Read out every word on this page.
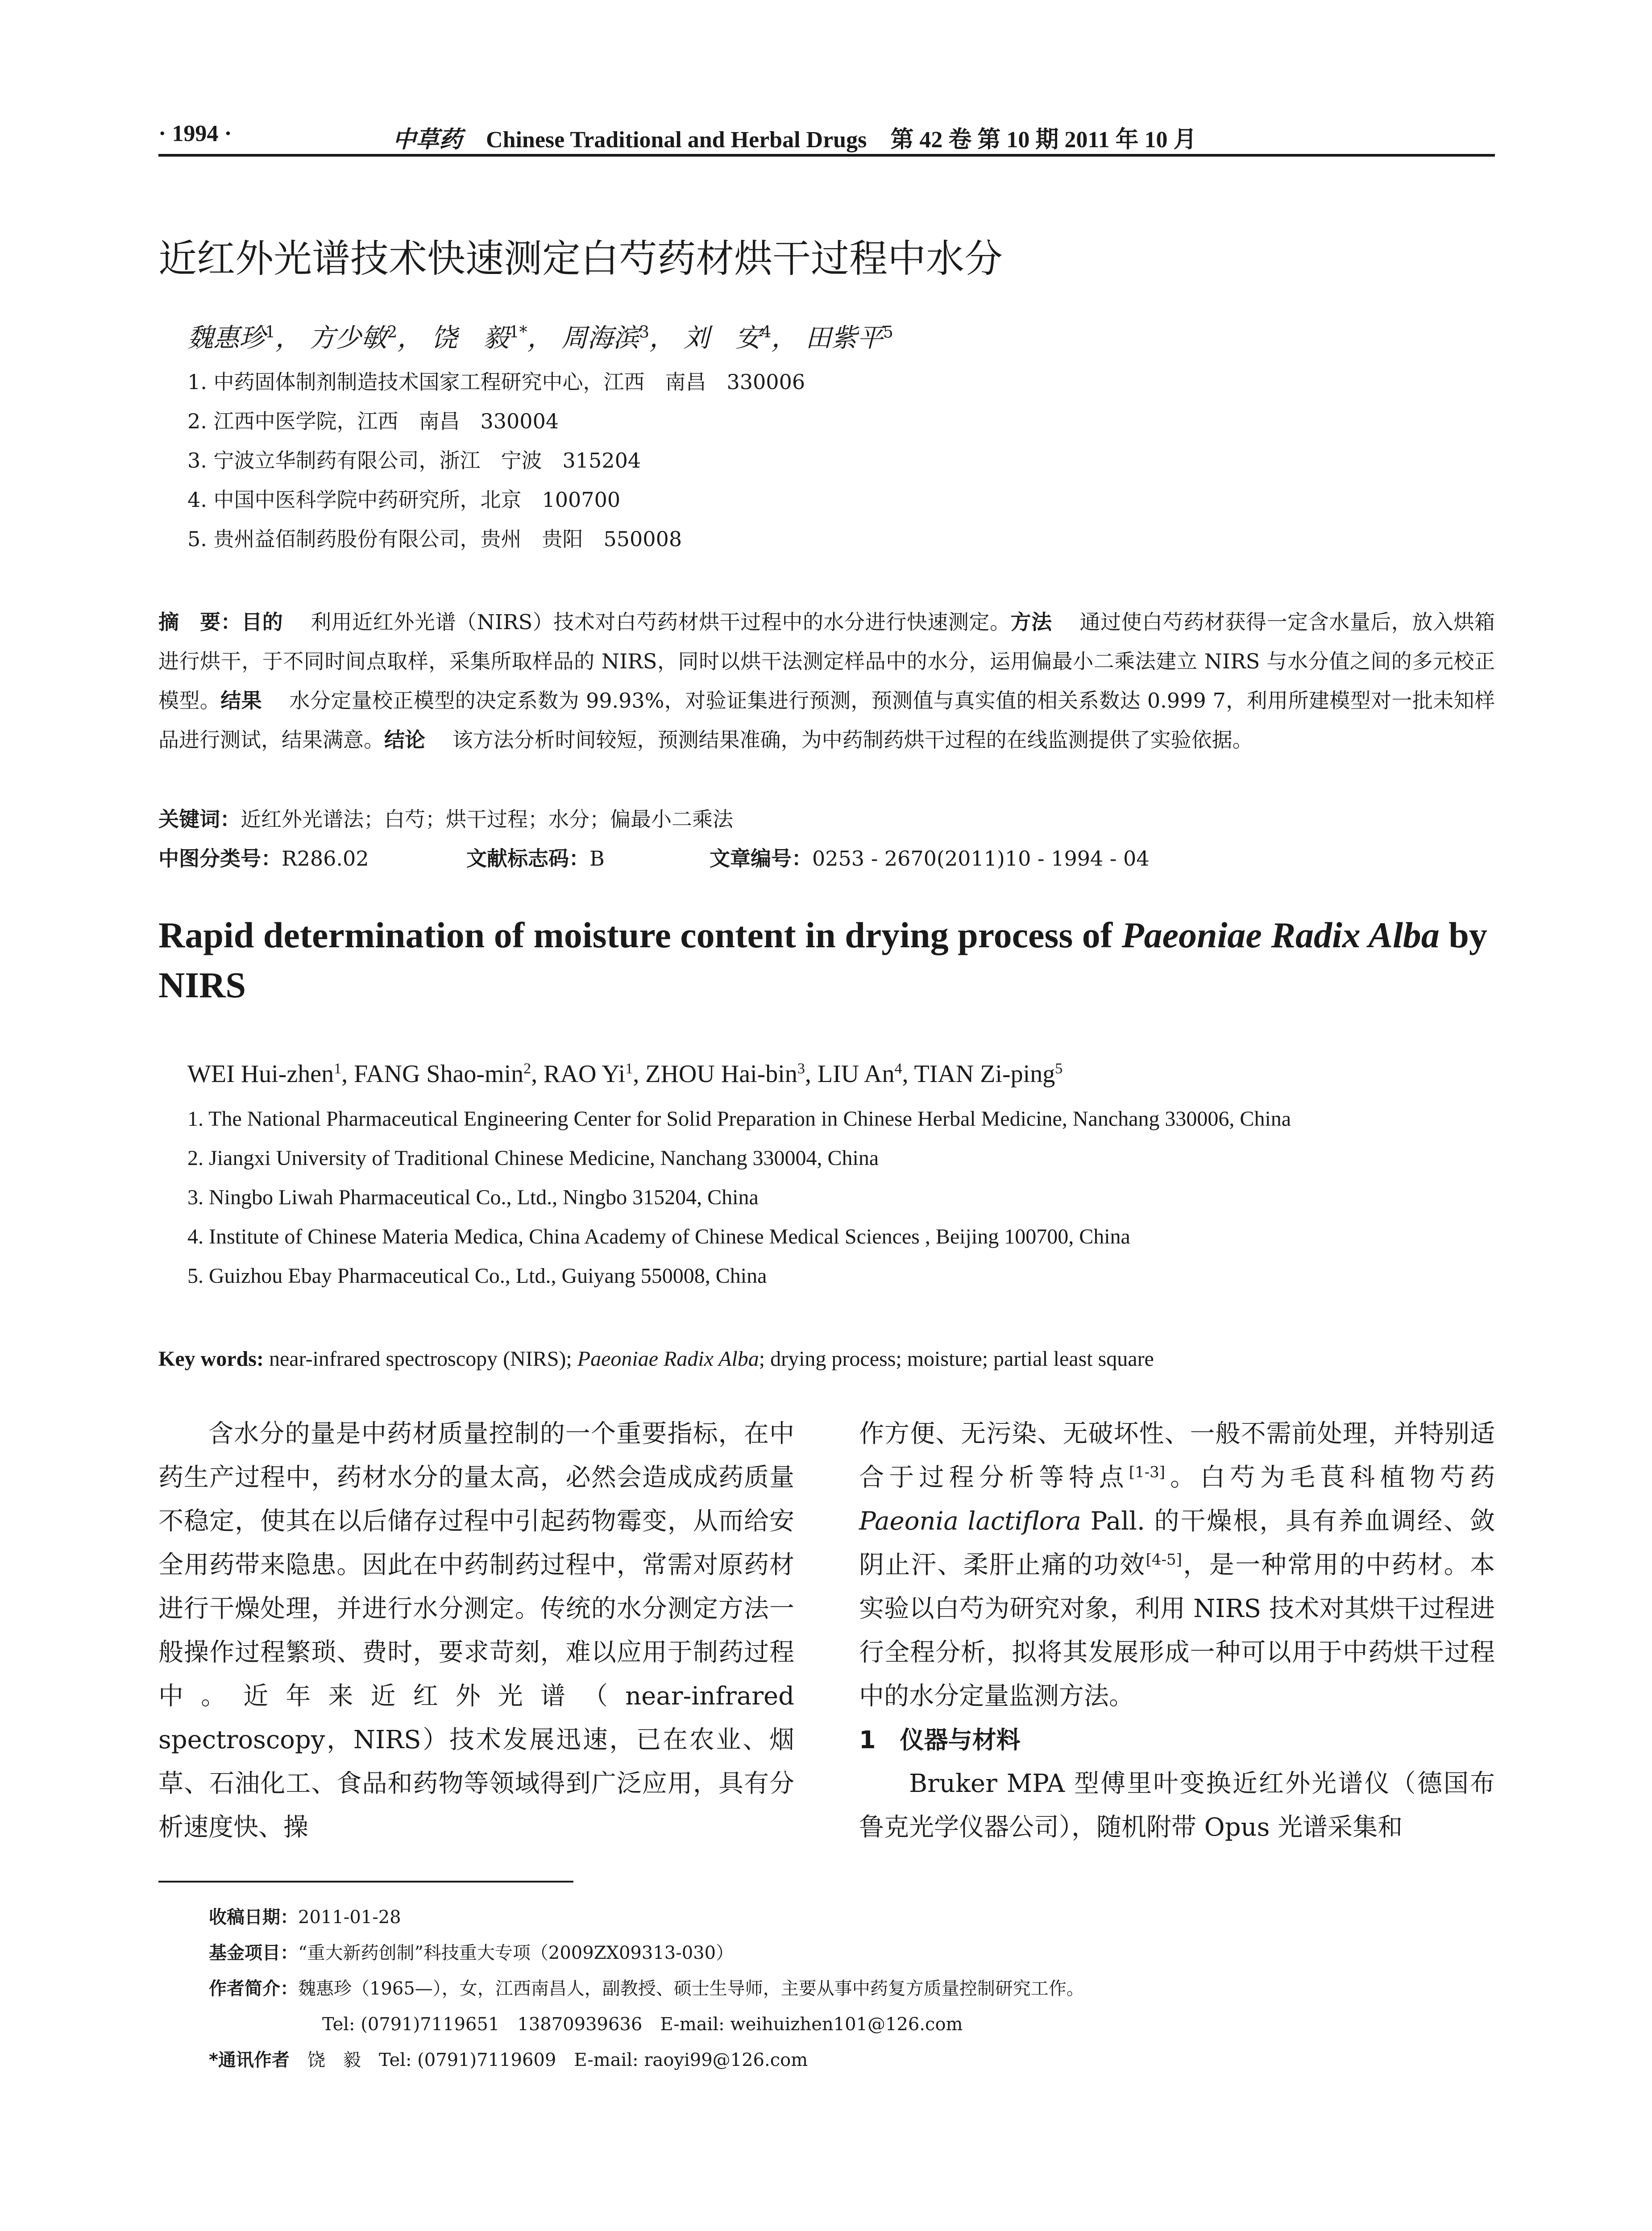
· 1994 ·	中草药 Chinese Traditional and Herbal Drugs 第 42 卷 第 10 期 2011 年 10 月
近红外光谱技术快速测定白芍药材烘干过程中水分
魏惠珍$^1$， 方少敏$^2$， 饶　毅$^{1*}$， 周海滨$^3$， 刘　安$^4$， 田紫平$^5$
1. 中药固体制剂制造技术国家工程研究中心，江西　南昌　330006
2. 江西中医学院，江西　南昌　330004
3. 宁波立华制药有限公司，浙江　宁波　315204
4. 中国中医科学院中药研究所，北京　100700
5. 贵州益佰制药股份有限公司，贵州　贵阳　550008
摘　要：目的　 利用近红外光谱（NIRS）技术对白芍药材烘干过程中的水分进行快速测定。方法　 通过使白芍药材获得一定含水量后，放入烘箱进行烘干，于不同时间点取样，采集所取样品的 NIRS，同时以烘干法测定样品中的水分，运用偏最小二乘法建立 NIRS 与水分值之间的多元校正模型。结果　 水分定量校正模型的决定系数为 99.93%，对验证集进行预测，预测值与真实值的相关系数达 0.999 7，利用所建模型对一批未知样品进行测试，结果满意。结论　 该方法分析时间较短，预测结果准确，为中药制药烘干过程的在线监测提供了实验依据。
关键词：近红外光谱法；白芍；烘干过程；水分；偏最小二乘法
中图分类号：R286.02	文献标志码：B	文章编号：0253 - 2670(2011)10 - 1994 - 04
Rapid determination of moisture content in drying process of Paeoniae Radix Alba by NIRS
WEI Hui-zhen$^1$, FANG Shao-$\min^2$, RAO Yi$^1$, ZHOU Hai-bin$^3$, LIU An$^4$, TIAN Zi-ping$^5$
1. The National Pharmaceutical Engineering Center for Solid Preparation in Chinese Herbal Medicine, Nanchang 330006, China
2. Jiangxi University of Traditional Chinese Medicine, Nanchang 330004, China
3. Ningbo Liwah Pharmaceutical Co., Ltd., Ningbo 315204, China
4. Institute of Chinese Materia Medica, China Academy of Chinese Medical Sciences , Beijing 100700, China
5. Guizhou Ebay Pharmaceutical Co., Ltd., Guiyang 550008, China
Key words: near-infrared spectroscopy (NIRS); Paeoniae Radix Alba; drying process; moisture; partial least square

含水分的量是中药材质量控制的一个重要指标，在中药生产过程中，药材水分的量太高，必然会造成成药质量不稳定，使其在以后储存过程中引起药物霉变，从而给安全用药带来隐患。因此在中药制药过程中，常需对原药材进行干燥处理，并进行水分测定。传统的水分测定方法一般操作过程繁琐、费时，要求苛刻，难以应用于制药过程中。近年来近红外光谱（near-infrared spectroscopy，NIRS）技术发展迅速，已在农业、烟草、石油化工、食品和药物等领域得到广泛应用，具有分析速度快、操

作方便、无污染、无破坏性、一般不需前处理，并特别适合于过程分析等特点[1-3]。白芍为毛茛科植物芍药 Paeonia lactiflora Pall. 的干燥根，具有养血调经、敛阴止汗、柔肝止痛的功效[4-5]，是一种常用的中药材。本实验以白芍为研究对象，利用 NIRS 技术对其烘干过程进行全程分析，拟将其发展形成一种可以用于中药烘干过程中的水分定量监测方法。

1　仪器与材料

Bruker MPA 型傅里叶变换近红外光谱仪（德国布鲁克光学仪器公司），随机附带 Opus 光谱采集和

收稿日期：2011-01-28
基金项目：“重大新药创制”科技重大专项（2009ZX09313-030）
作者简介：魏惠珍（1965—），女，江西南昌人，副教授、硕士生导师，主要从事中药复方质量控制研究工作。
Tel: (0791)7119651　13870939636　E-mail: weihuizhen101@126.com
*通讯作者　 饶　毅　Tel: (0791)7119609　E-mail: raoyi99@126.com
